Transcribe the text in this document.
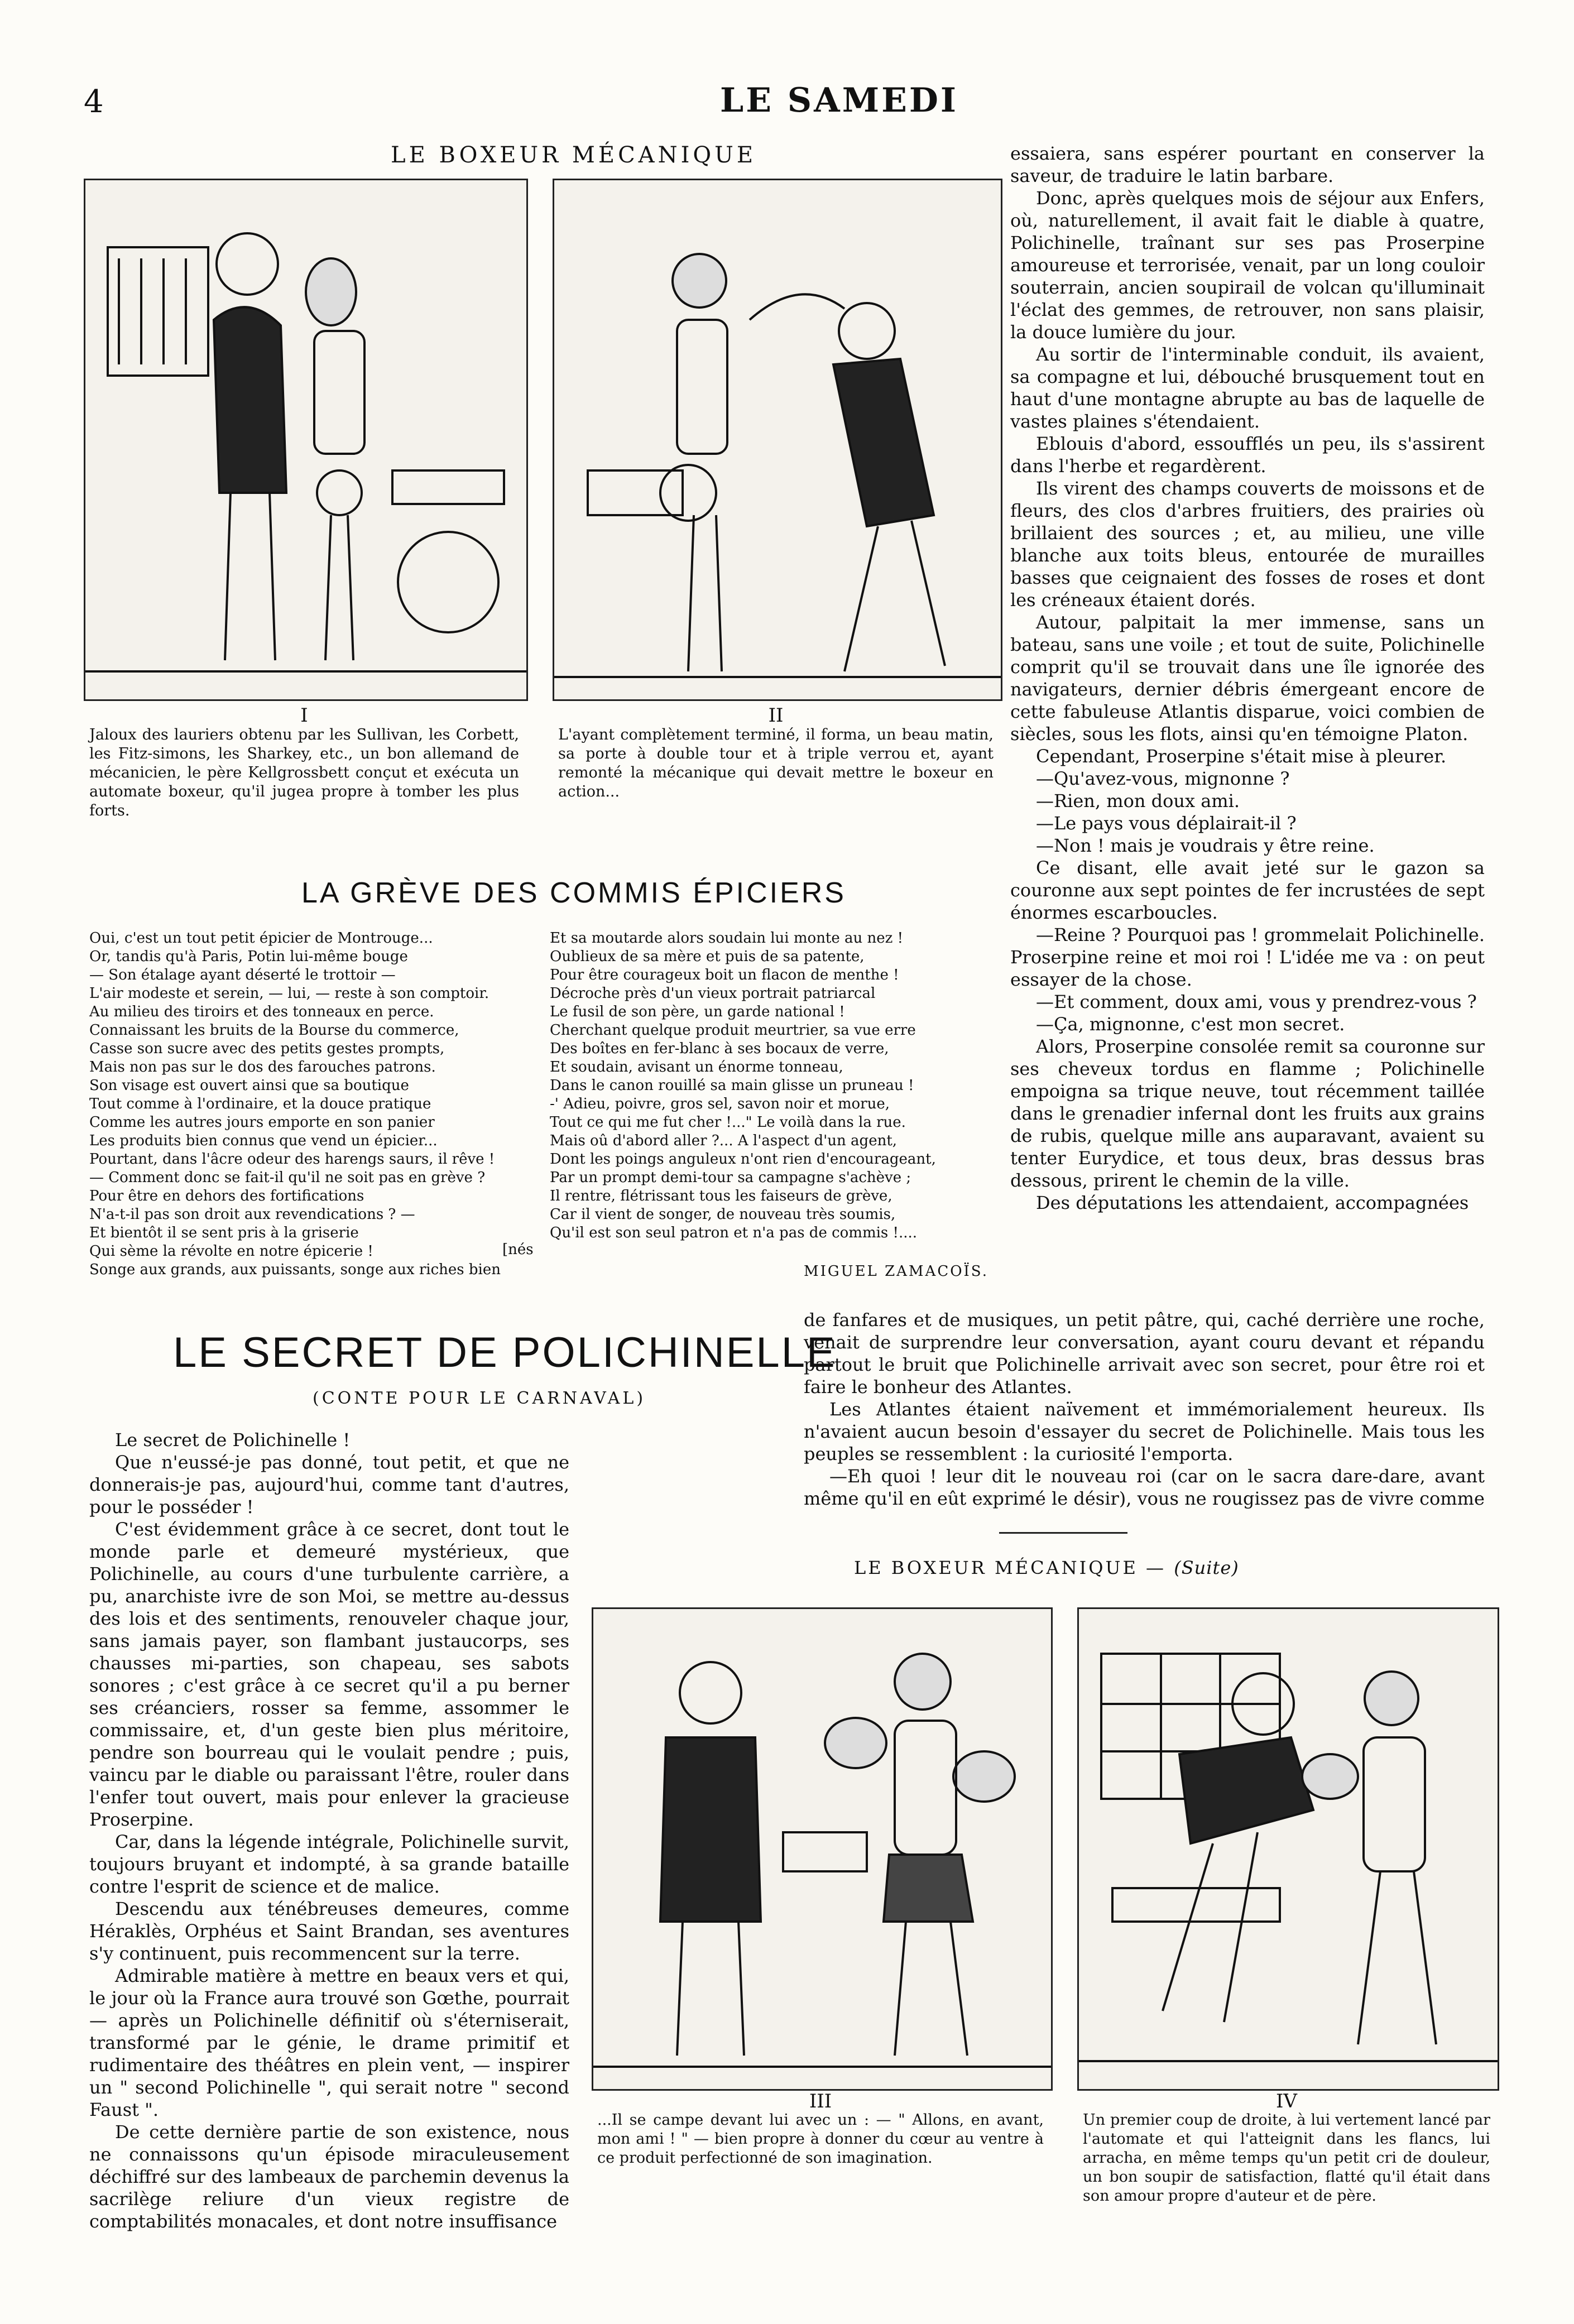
4	LE SAMEDI
LE BOXEUR MÉCANIQUE
I
Jaloux des lauriers obtenu par les Sullivan, les Corbett, les Fitz-simons, les Sharkey, etc., un bon allemand de mécanicien, le père Kellgrossbett conçut et exécuta un automate boxeur, qu'il jugea propre à tomber les plus forts.
II
L'ayant complètement terminé, il forma, un beau matin, sa porte à double tour et à triple verrou et, ayant remonté la mécanique qui devait mettre le boxeur en action...
LA GRÈVE DES COMMIS ÉPICIERS
Oui, c'est un tout petit épicier de Montrouge...
Or, tandis qu'à Paris, Potin lui-même bouge
— Son étalage ayant déserté le trottoir —
L'air modeste et serein, — lui, — reste à son comptoir.
Au milieu des tiroirs et des tonneaux en perce.
Connaissant les bruits de la Bourse du commerce,
Casse son sucre avec des petits gestes prompts,
Mais non pas sur le dos des farouches patrons.
Son visage est ouvert ainsi que sa boutique
Tout comme à l'ordinaire, et la douce pratique
Comme les autres jours emporte en son panier
Les produits bien connus que vend un épicier...
Pourtant, dans l'âcre odeur des harengs saurs, il rêve !
— Comment donc se fait-il qu'il ne soit pas en grève ?
Pour être en dehors des fortifications
N'a-t-il pas son droit aux revendications ? —
Et bientôt il se sent pris à la griserie
Qui sème la révolte en notre épicerie !
Songe aux grands, aux puissants, songe aux riches bien
[nés
Et sa moutarde alors soudain lui monte au nez !
Oublieux de sa mère et puis de sa patente,
Pour être courageux boit un flacon de menthe !
Décroche près d'un vieux portrait patriarcal
Le fusil de son père, un garde national !
Cherchant quelque produit meurtrier, sa vue erre
Des boîtes en fer-blanc à ses bocaux de verre,
Et soudain, avisant un énorme tonneau,
Dans le canon rouillé sa main glisse un pruneau !
-' Adieu, poivre, gros sel, savon noir et morue,
Tout ce qui me fut cher !..." Le voilà dans la rue.
Mais oû d'abord aller ?... A l'aspect d'un agent,
Dont les poings anguleux n'ont rien d'encourageant,
Par un prompt demi-tour sa campagne s'achève ;
Il rentre, flétrissant tous les faiseurs de grève,
Car il vient de songer, de nouveau très soumis,
Qu'il est son seul patron et n'a pas de commis !....
MIGUEL ZAMACOÏS.

essaiera, sans espérer pourtant en conserver la saveur, de traduire le latin barbare.

Donc, après quelques mois de séjour aux Enfers, où, naturellement, il avait fait le diable à quatre, Polichinelle, traînant sur ses pas Proserpine amoureuse et terrorisée, venait, par un long couloir souterrain, ancien soupirail de volcan qu'illuminait l'éclat des gemmes, de retrouver, non sans plaisir, la douce lumière du jour.

Au sortir de l'interminable conduit, ils avaient, sa compagne et lui, débouché brusquement tout en haut d'une montagne abrupte au bas de laquelle de vastes plaines s'étendaient.

Eblouis d'abord, essoufflés un peu, ils s'assirent dans l'herbe et regardèrent.

Ils virent des champs couverts de moissons et de fleurs, des clos d'arbres fruitiers, des prairies où brillaient des sources ; et, au milieu, une ville blanche aux toits bleus, entourée de murailles basses que ceignaient des fosses de roses et dont les créneaux étaient dorés.

Autour, palpitait la mer immense, sans un bateau, sans une voile ; et tout de suite, Polichinelle comprit qu'il se trouvait dans une île ignorée des navigateurs, dernier débris émergeant encore de cette fabuleuse Atlantis disparue, voici combien de siècles, sous les flots, ainsi qu'en témoigne Platon.

Cependant, Proserpine s'était mise à pleurer.

—Qu'avez-vous, mignonne ?

—Rien, mon doux ami.

—Le pays vous déplairait-il ?

—Non ! mais je voudrais y être reine.

Ce disant, elle avait jeté sur le gazon sa couronne aux sept pointes de fer incrustées de sept énormes escarboucles.

—Reine ? Pourquoi pas ! grommelait Polichinelle. Proserpine reine et moi roi ! L'idée me va : on peut essayer de la chose.

—Et comment, doux ami, vous y prendrez-vous ?

—Ça, mignonne, c'est mon secret.

Alors, Proserpine consolée remit sa couronne sur ses cheveux tordus en flamme ; Polichinelle empoigna sa trique neuve, tout récemment taillée dans le grenadier infernal dont les fruits aux grains de rubis, quelque mille ans auparavant, avaient su tenter Eurydice, et tous deux, bras dessus bras dessous, prirent le chemin de la ville.

Des députations les attendaient, accompagnées

LE SECRET DE POLICHINELLE
(CONTE POUR LE CARNAVAL)

de fanfares et de musiques, un petit pâtre, qui, caché derrière une roche, venait de surprendre leur conversation, ayant couru devant et répandu partout le bruit que Polichinelle arrivait avec son secret, pour être roi et faire le bonheur des Atlantes.

Les Atlantes étaient naïvement et immémorialement heureux. Ils n'avaient aucun besoin d'essayer du secret de Polichinelle. Mais tous les peuples se ressemblent : la curiosité l'emporta.

—Eh quoi ! leur dit le nouveau roi (car on le sacra dare-dare, avant même qu'il en eût exprimé le désir), vous ne rougissez pas de vivre comme

Le secret de Polichinelle !

Que n'eussé-je pas donné, tout petit, et que ne donnerais-je pas, aujourd'hui, comme tant d'autres, pour le posséder !

C'est évidemment grâce à ce secret, dont tout le monde parle et demeuré mystérieux, que Polichinelle, au cours d'une turbulente carrière, a pu, anarchiste ivre de son Moi, se mettre au-dessus des lois et des sentiments, renouveler chaque jour, sans jamais payer, son flambant justaucorps, ses chausses mi-parties, son chapeau, ses sabots sonores ; c'est grâce à ce secret qu'il a pu berner ses créanciers, rosser sa femme, assommer le commissaire, et, d'un geste bien plus méritoire, pendre son bourreau qui le voulait pendre ; puis, vaincu par le diable ou paraissant l'être, rouler dans l'enfer tout ouvert, mais pour enlever la gracieuse Proserpine.

Car, dans la légende intégrale, Polichinelle survit, toujours bruyant et indompté, à sa grande bataille contre l'esprit de science et de malice.

Descendu aux ténébreuses demeures, comme Héraklès, Orphéus et Saint Brandan, ses aventures s'y continuent, puis recommencent sur la terre.

Admirable matière à mettre en beaux vers et qui, le jour où la France aura trouvé son Gœthe, pourrait — après un Polichinelle définitif où s'éterniserait, transformé par le génie, le drame primitif et rudimentaire des théâtres en plein vent, — inspirer un " second Polichinelle ", qui serait notre " second Faust ".

De cette dernière partie de son existence, nous ne connaissons qu'un épisode miraculeusement déchiffré sur des lambeaux de parchemin devenus la sacrilège reliure d'un vieux registre de comptabilités monacales, et dont notre insuffisance

LE BOXEUR MÉCANIQUE — (Suite)
III
...Il se campe devant lui avec un : — " Allons, en avant, mon ami ! " — bien propre à donner du cœur au ventre à ce produit perfectionné de son imagination.
IV
Un premier coup de droite, à lui vertement lancé par l'automate et qui l'atteignit dans les flancs, lui arracha, en même temps qu'un petit cri de douleur, un bon soupir de satisfaction, flatté qu'il était dans son amour propre d'auteur et de père.
